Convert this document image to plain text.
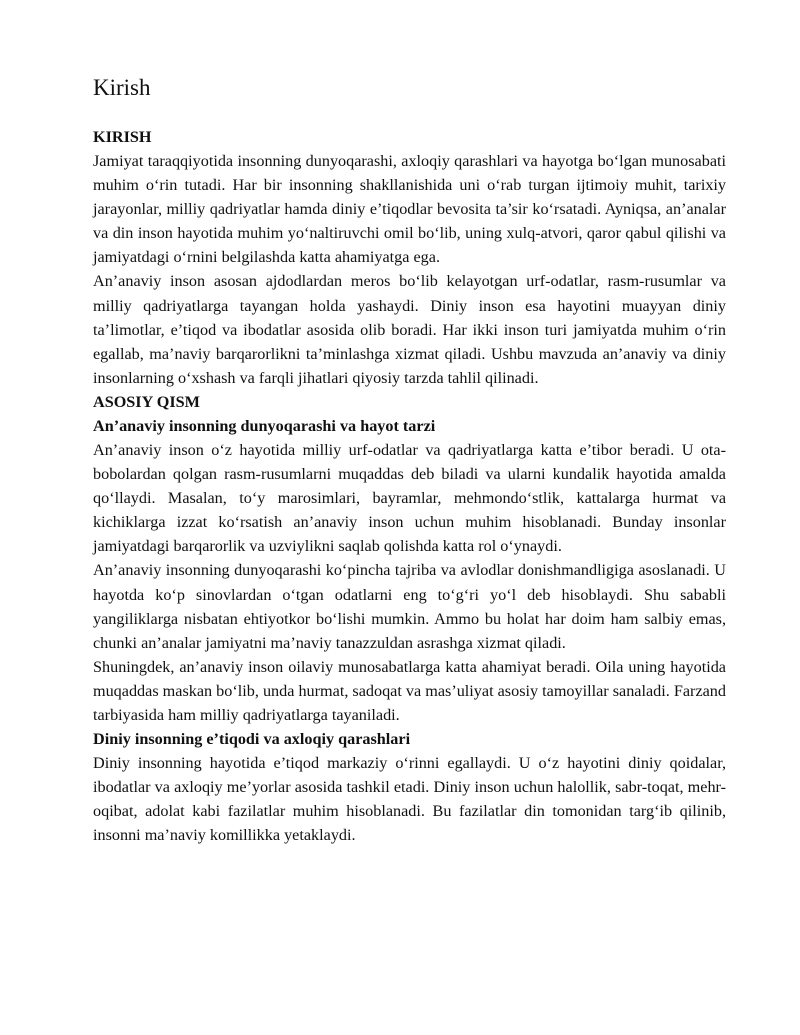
Kirish
KIRISH

Jamiyat taraqqiyotida insonning dunyoqarashi, axloqiy qarashlari va hayotga bo‘lgan munosabati muhim o‘rin tutadi. Har bir insonning shakllanishida uni o‘rab turgan ijtimoiy muhit, tarixiy jarayonlar, milliy qadriyatlar hamda diniy e’tiqodlar bevosita ta’sir ko‘rsatadi. Ayniqsa, an’analar va din inson hayotida muhim yo‘naltiruvchi omil bo‘lib, uning xulq-atvori, qaror qabul qilishi va jamiyatdagi o‘rnini belgilashda katta ahamiyatga ega.

An’anaviy inson asosan ajdodlardan meros bo‘lib kelayotgan urf-odatlar, rasm-rusumlar va milliy qadriyatlarga tayangan holda yashaydi. Diniy inson esa hayotini muayyan diniy ta’limotlar, e’tiqod va ibodatlar asosida olib boradi. Har ikki inson turi jamiyatda muhim o‘rin egallab, ma’naviy barqarorlikni ta’minlashga xizmat qiladi. Ushbu mavzuda an’anaviy va diniy insonlarning o‘xshash va farqli jihatlari qiyosiy tarzda tahlil qilinadi.

ASOSIY QISM
An’anaviy insonning dunyoqarashi va hayot tarzi

An’anaviy inson o‘z hayotida milliy urf-odatlar va qadriyatlarga katta e’tibor beradi. U ota-bobolardan qolgan rasm-rusumlarni muqaddas deb biladi va ularni kundalik hayotida amalda qo‘llaydi. Masalan, to‘y marosimlari, bayramlar, mehmondo‘stlik, kattalarga hurmat va kichiklarga izzat ko‘rsatish an’anaviy inson uchun muhim hisoblanadi. Bunday insonlar jamiyatdagi barqarorlik va uzviylikni saqlab qolishda katta rol o‘ynaydi.

An’anaviy insonning dunyoqarashi ko‘pincha tajriba va avlodlar donishmandligiga asoslanadi. U hayotda ko‘p sinovlardan o‘tgan odatlarni eng to‘g‘ri yo‘l deb hisoblaydi. Shu sababli yangiliklarga nisbatan ehtiyotkor bo‘lishi mumkin. Ammo bu holat har doim ham salbiy emas, chunki an’analar jamiyatni ma’naviy tanazzuldan asrashga xizmat qiladi.

Shuningdek, an’anaviy inson oilaviy munosabatlarga katta ahamiyat beradi. Oila uning hayotida muqaddas maskan bo‘lib, unda hurmat, sadoqat va mas’uliyat asosiy tamoyillar sanaladi. Farzand tarbiyasida ham milliy qadriyatlarga tayaniladi.

Diniy insonning e’tiqodi va axloqiy qarashlari

Diniy insonning hayotida e’tiqod markaziy o‘rinni egallaydi. U o‘z hayotini diniy qoidalar, ibodatlar va axloqiy me’yorlar asosida tashkil etadi. Diniy inson uchun halollik, sabr-toqat, mehr-oqibat, adolat kabi fazilatlar muhim hisoblanadi. Bu fazilatlar din tomonidan targ‘ib qilinib, insonni ma’naviy komillikka yetaklaydi.
